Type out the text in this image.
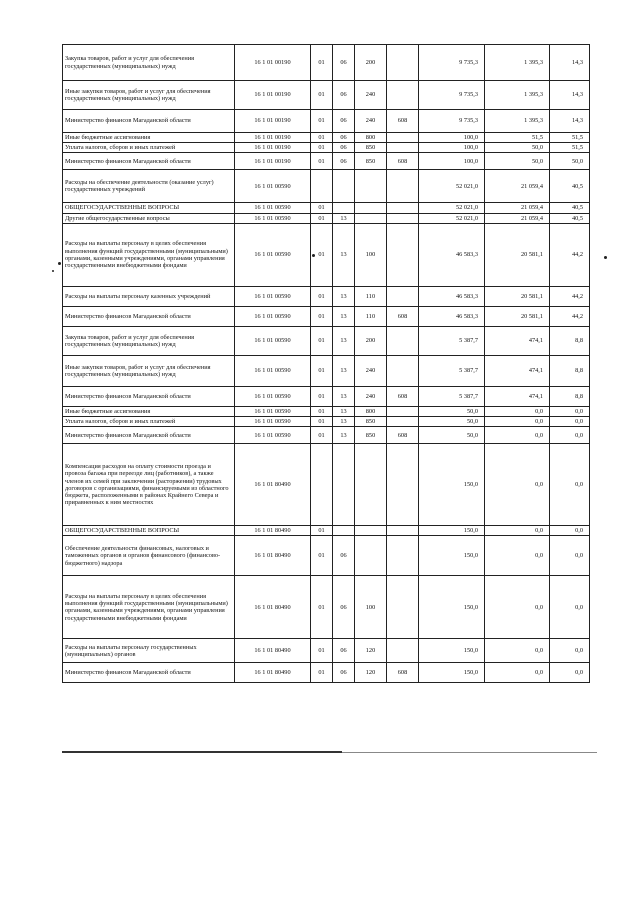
Закупка товаров, работ и услуг для обеспечения государственных (муниципальных) нужд	16 1 01 00190	01	06	200		9 735,3	1 395,3	14,3
Иные закупки товаров, работ и услуг для обеспечения государственных (муниципальных) нужд	16 1 01 00190	01	06	240		9 735,3	1 395,3	14,3
Министерство финансов Магаданской области	16 1 01 00190	01	06	240	608	9 735,3	1 395,3	14,3
Иные бюджетные ассигнования	16 1 01 00190	01	06	800		100,0	51,5	51,5
Уплата налогов, сборов и иных платежей	16 1 01 00190	01	06	850		100,0	50,0	51,5
Министерство финансов Магаданской области	16 1 01 00190	01	06	850	608	100,0	50,0	50,0
Расходы на обеспечение деятельности (оказание услуг) государственных учреждений	16 1 01 00590					52 021,0	21 059,4	40,5
ОБЩЕГОСУДАРСТВЕННЫЕ ВОПРОСЫ	16 1 01 00590	01				52 021,0	21 059,4	40,5
Другие общегосударственные вопросы	16 1 01 00590	01	13			52 021,0	21 059,4	40,5
Расходы на выплаты персоналу в целях обеспечения выполнения функций государственными (муниципальными) органами, казенными учреждениями, органами управления государственными внебюджетными фондами	16 1 01 00590	01	13	100		46 583,3	20 581,1	44,2
Расходы на выплаты персоналу казенных учреждений	16 1 01 00590	01	13	110		46 583,3	20 581,1	44,2
Министерство финансов Магаданской области	16 1 01 00590	01	13	110	608	46 583,3	20 581,1	44,2
Закупка товаров, работ и услуг для обеспечения государственных (муниципальных) нужд	16 1 01 00590	01	13	200		5 387,7	474,1	8,8
Иные закупки товаров, работ и услуг для обеспечения государственных (муниципальных) нужд	16 1 01 00590	01	13	240		5 387,7	474,1	8,8
Министерство финансов Магаданской области	16 1 01 00590	01	13	240	608	5 387,7	474,1	8,8
Иные бюджетные ассигнования	16 1 01 00590	01	13	800		50,0	0,0	0,0
Уплата налогов, сборов и иных платежей	16 1 01 00590	01	13	850		50,0	0,0	0,0
Министерство финансов Магаданской области	16 1 01 00590	01	13	850	608	50,0	0,0	0,0
Компенсация расходов на оплату стоимости проезда и провоза багажа при переезде лиц (работников), а также членов их семей при заключении (расторжении) трудовых договоров с организациями, финансируемыми из областного бюджета, расположенными в районах Крайнего Севера и приравненных к ним местностях	16 1 01 80490					150,0	0,0	0,0
ОБЩЕГОСУДАРСТВЕННЫЕ ВОПРОСЫ	16 1 01 80490	01				150,0	0,0	0,0
Обеспечение деятельности финансовых, налоговых и таможенных органов и органов финансового (финансово-бюджетного) надзора	16 1 01 80490	01	06			150,0	0,0	0,0
Расходы на выплаты персоналу в целях обеспечения выполнения функций государственными (муниципальными) органами, казенными учреждениями, органами управления государственными внебюджетными фондами	16 1 01 80490	01	06	100		150,0	0,0	0,0
Расходы на выплаты персоналу государственных (муниципальных) органов	16 1 01 80490	01	06	120		150,0	0,0	0,0
Министерство финансов Магаданской области	16 1 01 80490	01	06	120	608	150,0	0,0	0,0
